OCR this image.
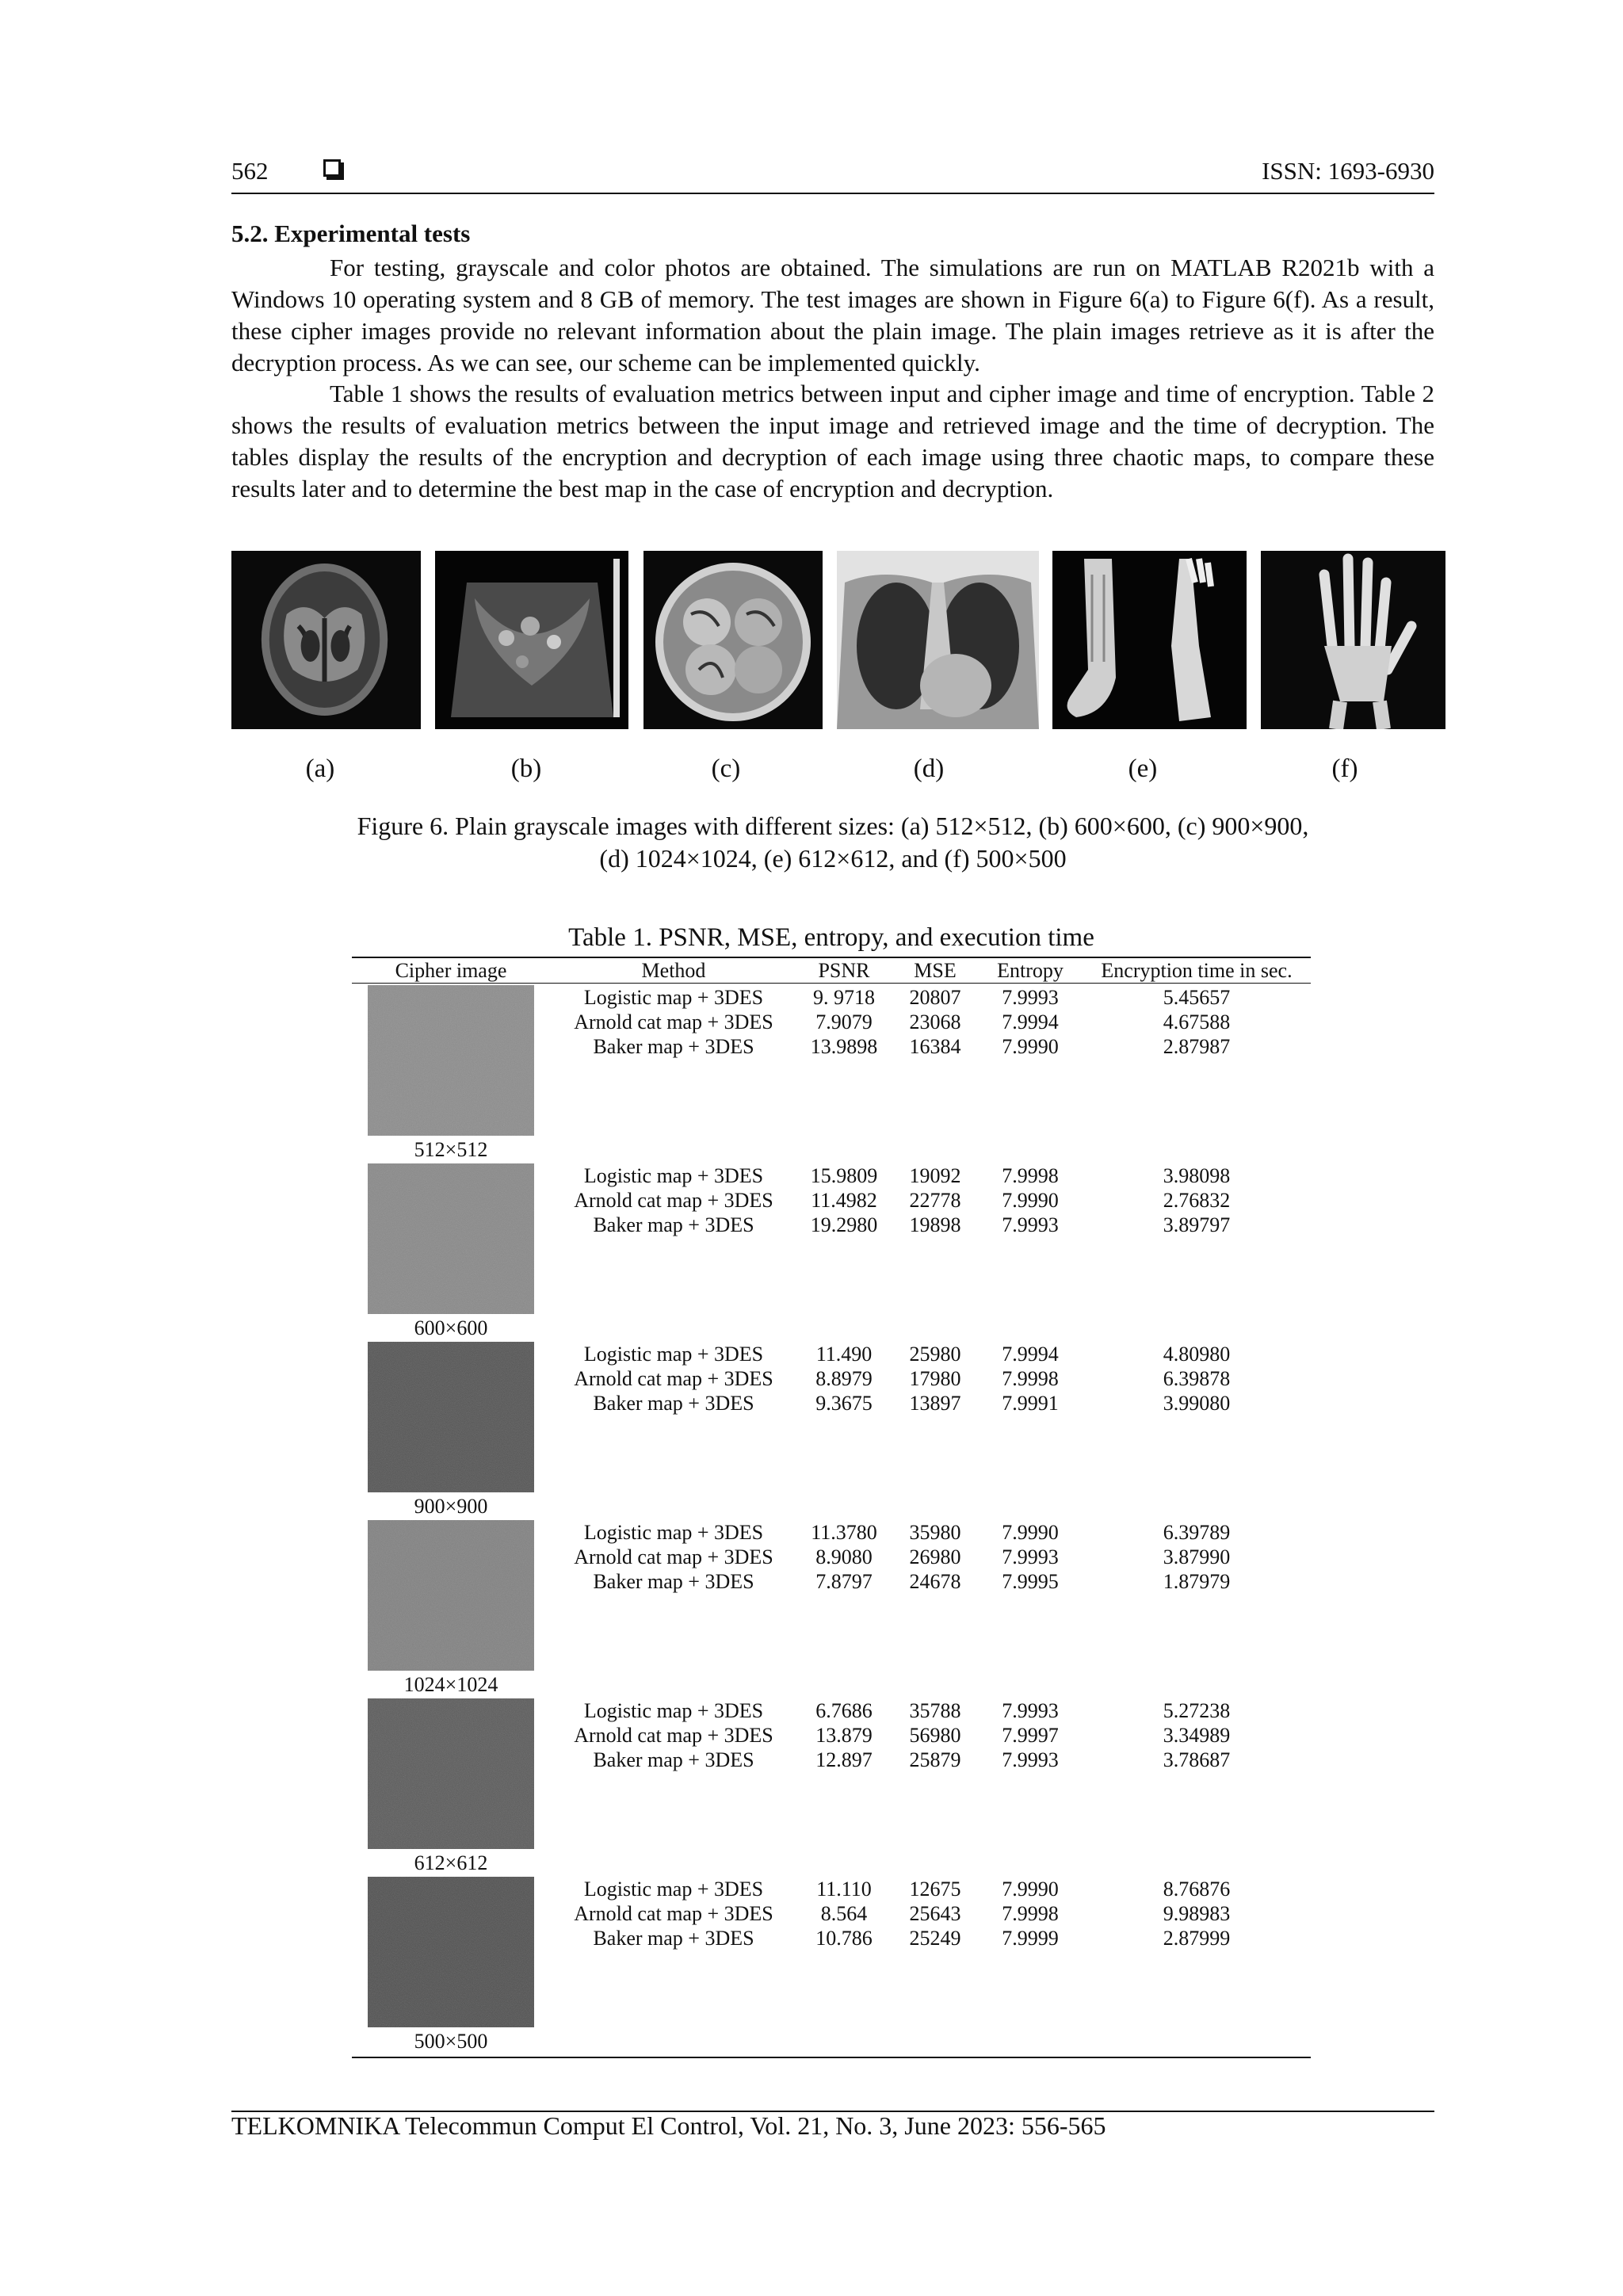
562	ISSN: 1693-6930
5.2. Experimental tests
For testing, grayscale and color photos are obtained. The simulations are run on MATLAB R2021b with a Windows 10 operating system and 8 GB of memory. The test images are shown in Figure 6(a) to Figure 6(f). As a result, these cipher images provide no relevant information about the plain image. The plain images retrieve as it is after the decryption process. As we can see, our scheme can be implemented quickly.
Table 1 shows the results of evaluation metrics between input and cipher image and time of encryption. Table 2 shows the results of evaluation metrics between the input image and retrieved image and the time of decryption. The tables display the results of the encryption and decryption of each image using three chaotic maps, to compare these results later and to determine the best map in the case of encryption and decryption.
(a)	(b)	(c)	(d)	(e)	(f)
Figure 6. Plain grayscale images with different sizes: (a) 512×512, (b) 600×600, (c) 900×900,
(d) 1024×1024, (e) 612×612, and (f) 500×500
Table 1. PSNR, MSE, entropy, and execution time
Cipher image	Method	PSNR	MSE	Entropy	Encryption time in sec.
512×512
Logistic map + 3DES	9. 9718	20807	7.9993	5.45657
Arnold cat map + 3DES	7.9079	23068	7.9994	4.67588
Baker map + 3DES	13.9898	16384	7.9990	2.87987
600×600
Logistic map + 3DES	15.9809	19092	7.9998	3.98098
Arnold cat map + 3DES	11.4982	22778	7.9990	2.76832
Baker map + 3DES	19.2980	19898	7.9993	3.89797
900×900
Logistic map + 3DES	11.490	25980	7.9994	4.80980
Arnold cat map + 3DES	8.8979	17980	7.9998	6.39878
Baker map + 3DES	9.3675	13897	7.9991	3.99080
1024×1024
Logistic map + 3DES	11.3780	35980	7.9990	6.39789
Arnold cat map + 3DES	8.9080	26980	7.9993	3.87990
Baker map + 3DES	7.8797	24678	7.9995	1.87979
612×612
Logistic map + 3DES	6.7686	35788	7.9993	5.27238
Arnold cat map + 3DES	13.879	56980	7.9997	3.34989
Baker map + 3DES	12.897	25879	7.9993	3.78687
500×500
Logistic map + 3DES	11.110	12675	7.9990	8.76876
Arnold cat map + 3DES	8.564	25643	7.9998	9.98983
Baker map + 3DES	10.786	25249	7.9999	2.87999
TELKOMNIKA Telecommun Comput El Control, Vol. 21, No. 3, June 2023: 556-565
